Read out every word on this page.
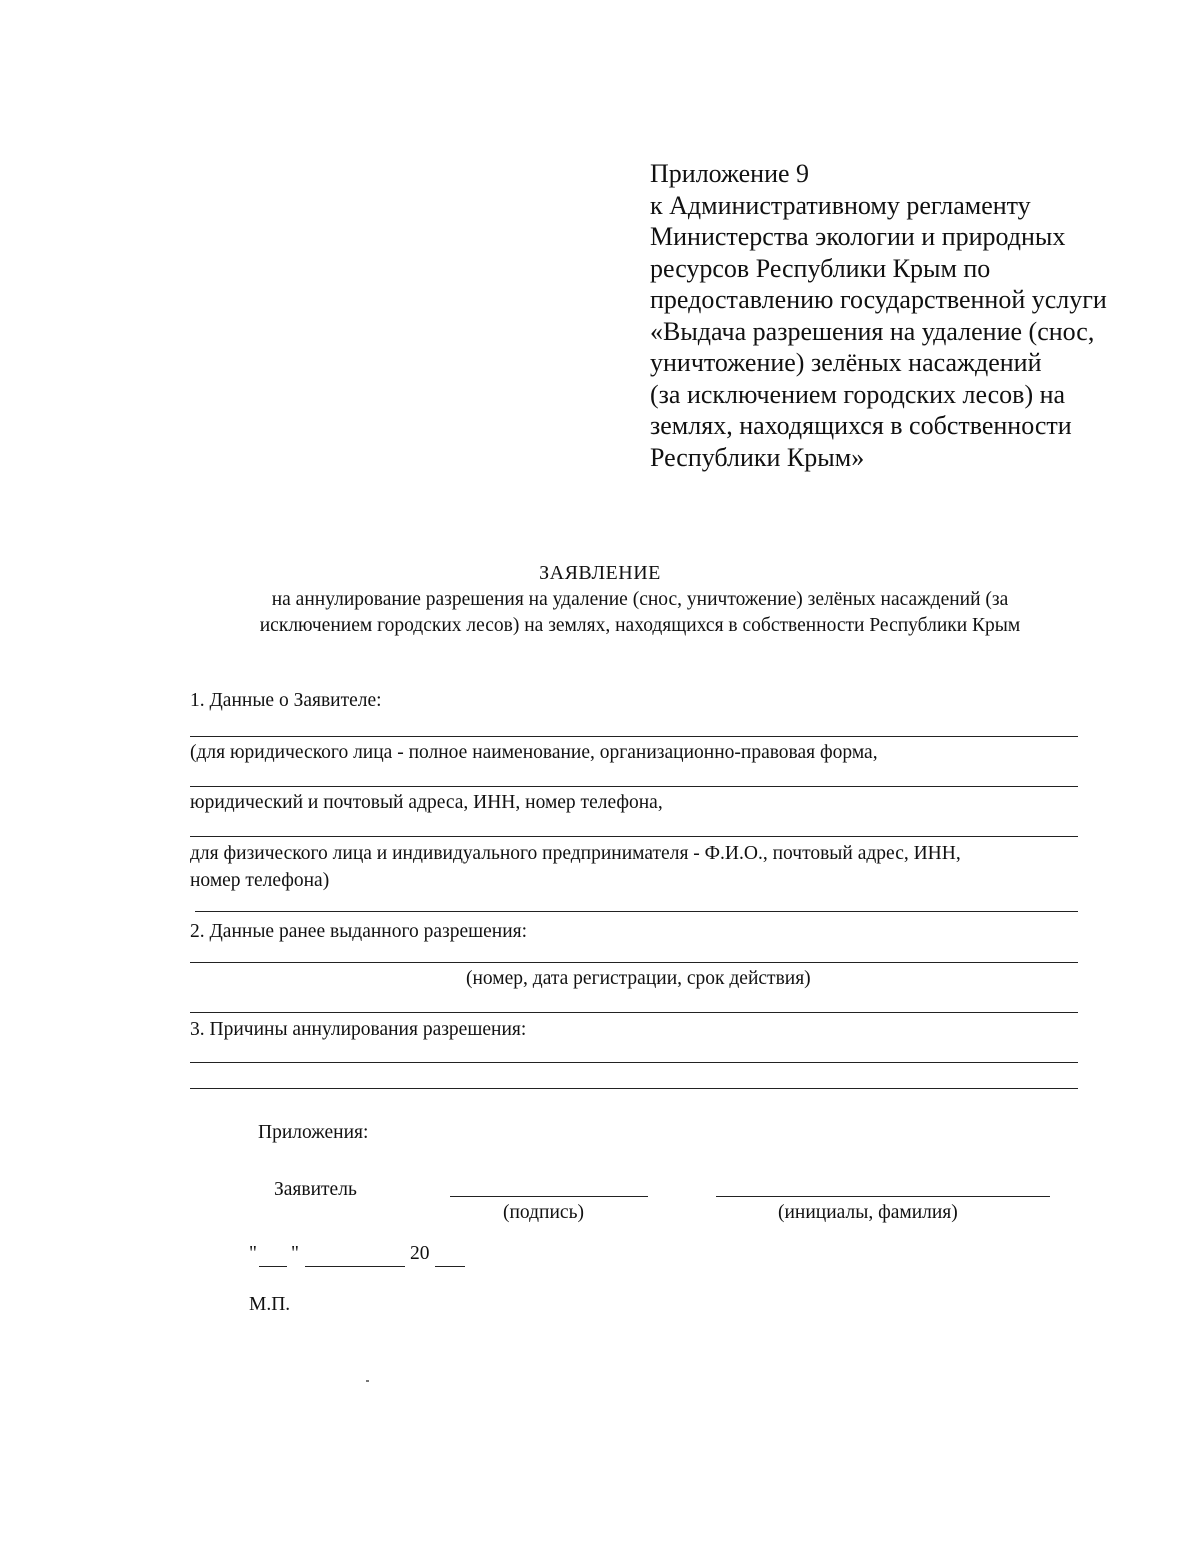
Приложение 9
к Административному регламенту
Министерства экологии и природных
ресурсов Республики Крым по
предоставлению государственной услуги
«Выдача разрешения на удаление (снос,
уничтожение) зелёных насаждений
(за исключением городских лесов) на
землях, находящихся в собственности
Республики Крым»
ЗАЯВЛЕНИЕ
на аннулирование разрешения на удаление (снос, уничтожение) зелёных насаждений (за
исключением городских лесов) на землях, находящихся в собственности Республики Крым
1. Данные о Заявителе:
(для юридического лица - полное наименование, организационно-правовая форма,
юридический и почтовый адреса, ИНН, номер телефона,
для физического лица и индивидуального предпринимателя - Ф.И.О., почтовый адрес, ИНН,
номер телефона)
2. Данные ранее выданного разрешения:
(номер, дата регистрации, срок действия)
3. Причины аннулирования разрешения:
Приложения:
Заявитель
(подпись)	(инициалы, фамилия)
" "	20
М.П.
